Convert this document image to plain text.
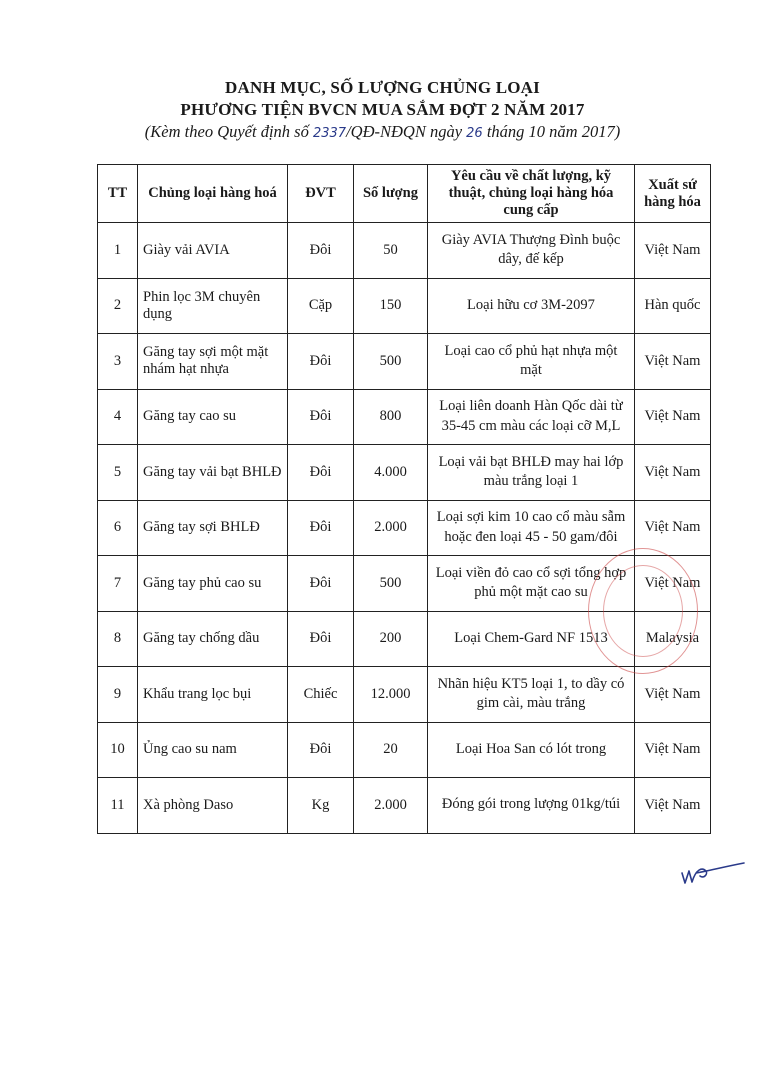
DANH MỤC, SỐ LƯỢNG CHỦNG LOẠI
PHƯƠNG TIỆN BVCN MUA SẮM ĐỢT 2 NĂM 2017
(Kèm theo Quyết định số 2337/QĐ-NĐQN ngày 26 tháng 10 năm 2017)
TT	Chủng loại hàng hoá	ĐVT	Số lượng	Yêu cầu về chất lượng, kỹ thuật, chủng loại hàng hóa cung cấp	Xuất sứ hàng hóa
1	Giày vải AVIA	Đôi	50	Giày AVIA Thượng Đình buộc dây, đế kếp	Việt Nam
2	Phin lọc 3M chuyên dụng	Cặp	150	Loại hữu cơ 3M-2097	Hàn quốc
3	Găng tay sợi một mặt nhám hạt nhựa	Đôi	500	Loại cao cổ phủ hạt nhựa một mặt	Việt Nam
4	Găng tay cao su	Đôi	800	Loại liên doanh Hàn Qốc dài từ 35-45 cm màu các loại cỡ M,L	Việt Nam
5	Găng tay vải bạt BHLĐ	Đôi	4.000	Loại vải bạt BHLĐ may hai lớp màu trắng loại 1	Việt Nam
6	Găng tay sợi BHLĐ	Đôi	2.000	Loại sợi kim 10 cao cổ màu sẫm hoặc đen loại 45 - 50 gam/đôi	Việt Nam
7	Găng tay phủ cao su	Đôi	500	Loại viền đỏ cao cổ sợi tổng hợp phủ một mặt cao su	Việt Nam
8	Găng tay chống dầu	Đôi	200	Loại Chem-Gard NF 1513	Malaysia
9	Khẩu trang lọc bụi	Chiếc	12.000	Nhãn hiệu KT5 loại 1, to dầy có gim cài, màu trắng	Việt Nam
10	Ủng cao su nam	Đôi	20	Loại Hoa San có lót trong	Việt Nam
11	Xà phòng Daso	Kg	2.000	Đóng gói trong lượng 01kg/túi	Việt Nam
